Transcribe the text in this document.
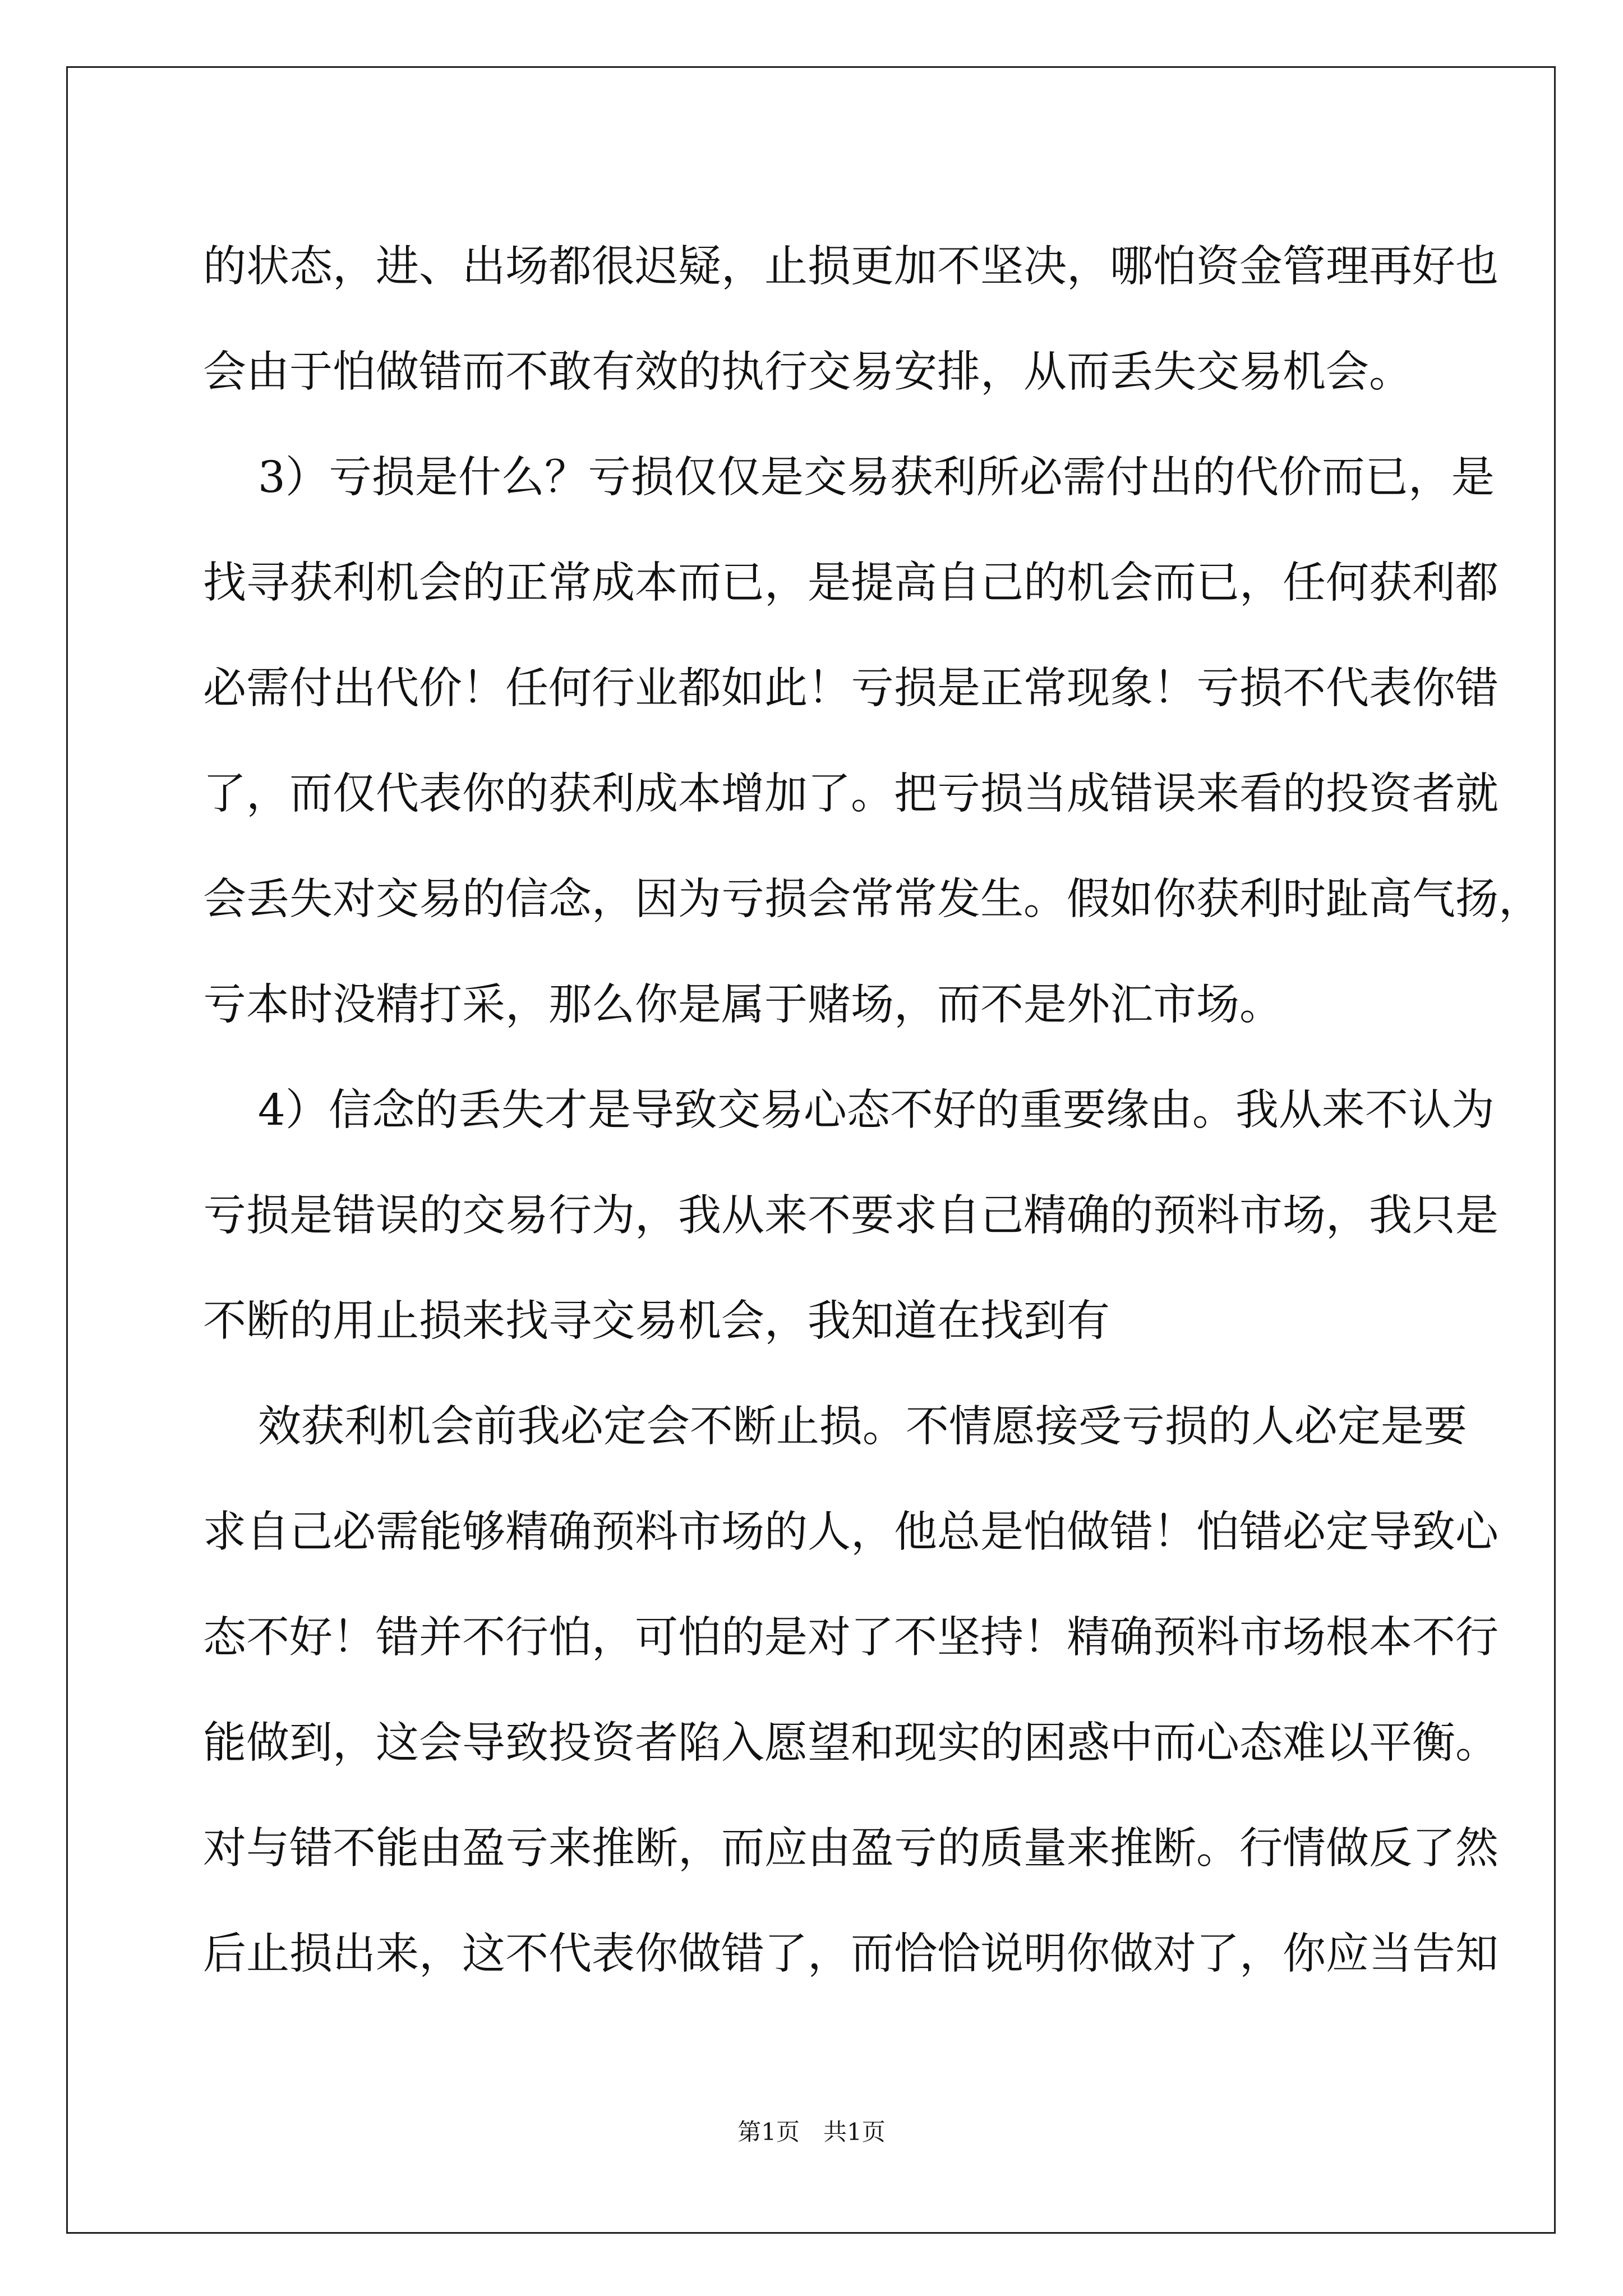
的状态，进、出场都很迟疑，止损更加不坚决，哪怕资金管理再好也
会由于怕做错而不敢有效的执行交易安排，从而丢失交易机会。
3）亏损是什么？亏损仅仅是交易获利所必需付出的代价而已，是
找寻获利机会的正常成本而已，是提高自己的机会而已，任何获利都
必需付出代价！任何行业都如此！亏损是正常现象！亏损不代表你错
了，而仅代表你的获利成本增加了。把亏损当成错误来看的投资者就
会丢失对交易的信念，因为亏损会常常发生。假如你获利时趾高气扬，
亏本时没精打采，那么你是属于赌场，而不是外汇市场。
4）信念的丢失才是导致交易心态不好的重要缘由。我从来不认为
亏损是错误的交易行为，我从来不要求自己精确的预料市场，我只是
不断的用止损来找寻交易机会，我知道在找到有
效获利机会前我必定会不断止损。不情愿接受亏损的人必定是要
求自己必需能够精确预料市场的人，他总是怕做错！怕错必定导致心
态不好！错并不行怕，可怕的是对了不坚持！精确预料市场根本不行
能做到，这会导致投资者陷入愿望和现实的困惑中而心态难以平衡。
对与错不能由盈亏来推断，而应由盈亏的质量来推断。行情做反了然
后止损出来，这不代表你做错了，而恰恰说明你做对了，你应当告知
第1页　共1页
